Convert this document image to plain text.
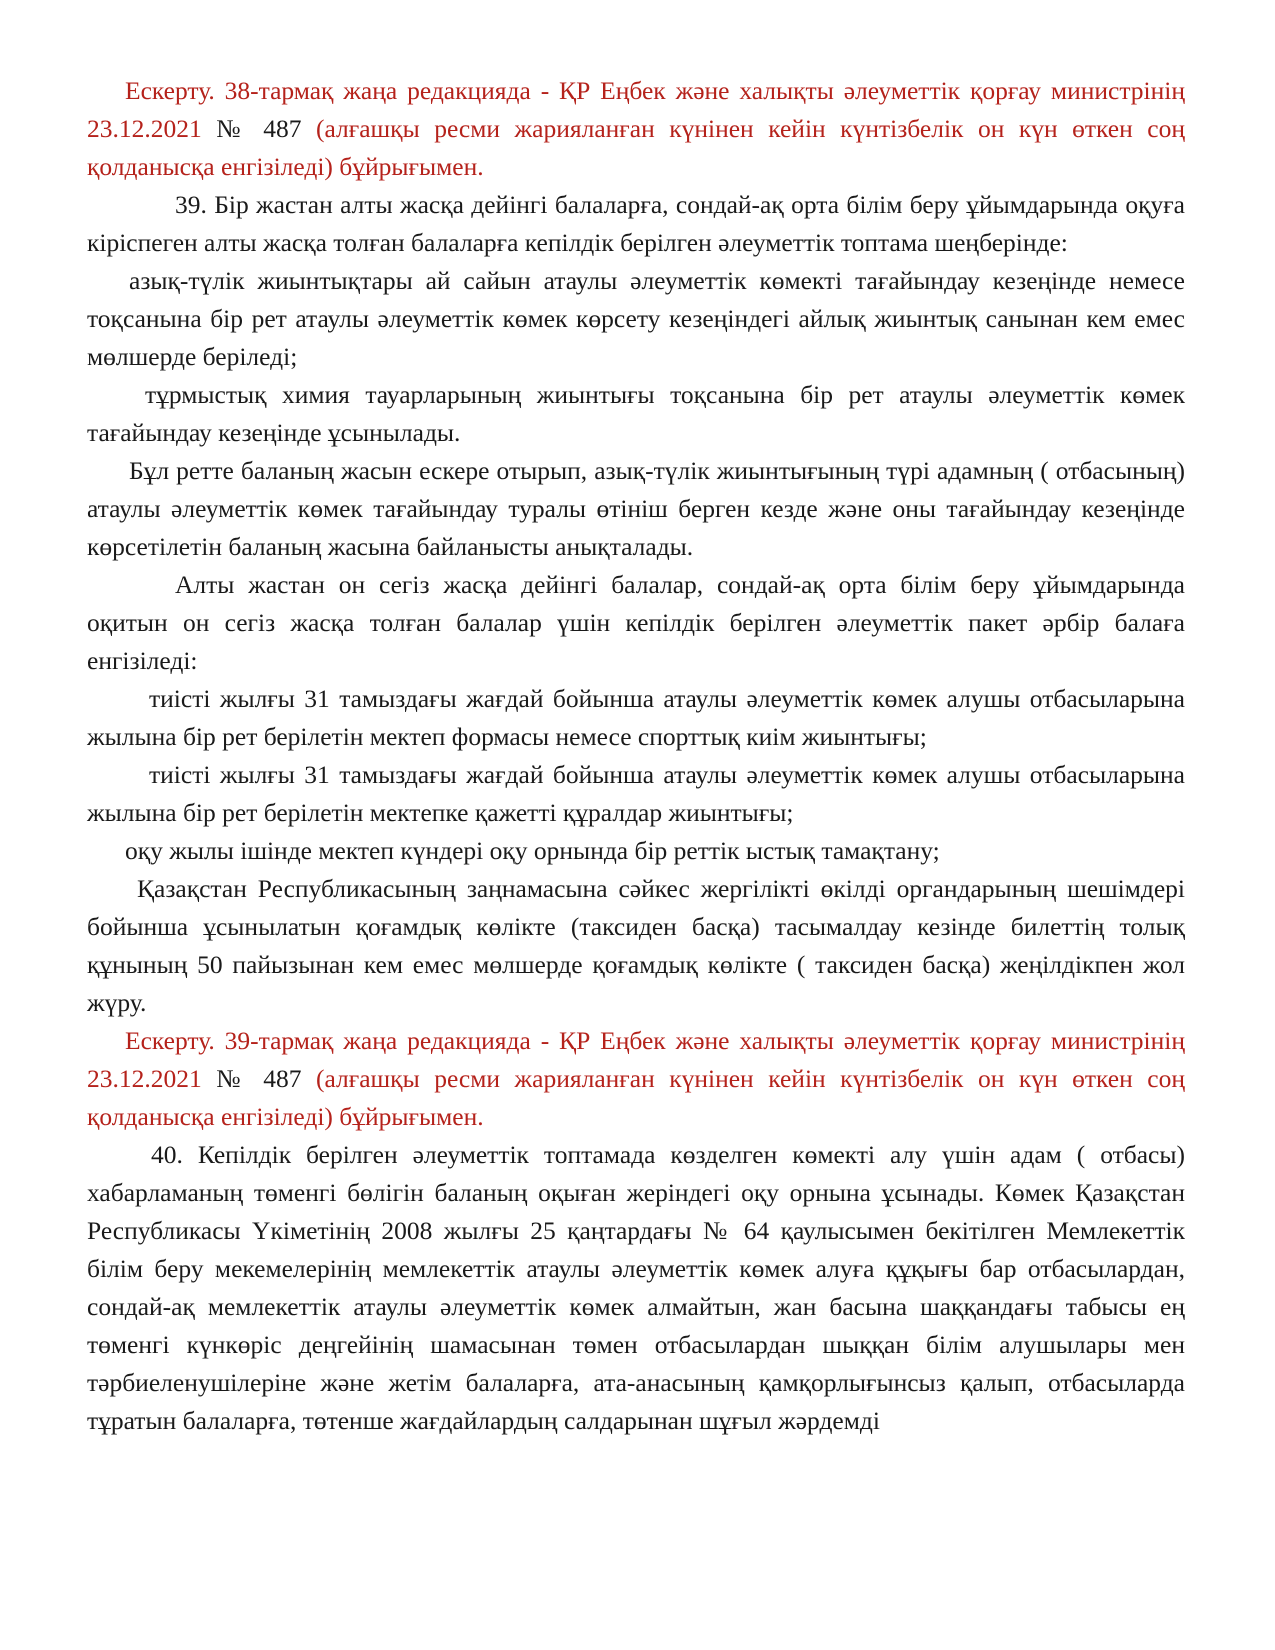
Ескерту. 38-тармақ жаңа редакцияда - ҚР Еңбек және халықты әлеуметтік қорғау министрінің 23.12.2021 № 487 (алғашқы ресми жарияланған күнінен кейін күнтізбелік он күн өткен соң қолданысқа енгізіледі) бұйрығымен.

39. Бір жастан алты жасқа дейінгі балаларға, сондай-ақ орта білім беру ұйымдарында оқуға кіріспеген алты жасқа толған балаларға кепілдік берілген әлеуметтік топтама шеңберінде:

азық-түлік жиынтықтары ай сайын атаулы әлеуметтік көмекті тағайындау кезеңінде немесе тоқсанына бір рет атаулы әлеуметтік көмек көрсету кезеңіндегі айлық жиынтық санынан кем емес мөлшерде беріледі;

тұрмыстық химия тауарларының жиынтығы тоқсанына бір рет атаулы әлеуметтік көмек тағайындау кезеңінде ұсынылады.

Бұл ретте баланың жасын ескере отырып, азық-түлік жиынтығының түрі адамның ( отбасының) атаулы әлеуметтік көмек тағайындау туралы өтініш берген кезде және оны тағайындау кезеңінде көрсетілетін баланың жасына байланысты анықталады.

Алты жастан он сегіз жасқа дейінгі балалар, сондай-ақ орта білім беру ұйымдарында оқитын он сегіз жасқа толған балалар үшін кепілдік берілген әлеуметтік пакет әрбір балаға енгізіледі:

тиісті жылғы 31 тамыздағы жағдай бойынша атаулы әлеуметтік көмек алушы отбасыларына жылына бір рет берілетін мектеп формасы немесе спорттық киім жиынтығы;

тиісті жылғы 31 тамыздағы жағдай бойынша атаулы әлеуметтік көмек алушы отбасыларына жылына бір рет берілетін мектепке қажетті құралдар жиынтығы;

оқу жылы ішінде мектеп күндері оқу орнында бір реттік ыстық тамақтану;

Қазақстан Республикасының заңнамасына сәйкес жергілікті өкілді органдарының шешімдері бойынша ұсынылатын қоғамдық көлікте (таксиден басқа) тасымалдау кезінде билеттің толық құнының 50 пайызынан кем емес мөлшерде қоғамдық көлікте ( таксиден басқа) жеңілдікпен жол жүру.

Ескерту. 39-тармақ жаңа редакцияда - ҚР Еңбек және халықты әлеуметтік қорғау министрінің 23.12.2021 № 487 (алғашқы ресми жарияланған күнінен кейін күнтізбелік он күн өткен соң қолданысқа енгізіледі) бұйрығымен.

40. Кепілдік берілген әлеуметтік топтамада көзделген көмекті алу үшін адам ( отбасы) хабарламаның төменгі бөлігін баланың оқыған жеріндегі оқу орнына ұсынады. Көмек Қазақстан Республикасы Үкіметінің 2008 жылғы 25 қаңтардағы № 64 қаулысымен бекітілген Мемлекеттік білім беру мекемелерінің мемлекеттік атаулы әлеуметтік көмек алуға құқығы бар отбасылардан, сондай-ақ мемлекеттік атаулы әлеуметтік көмек алмайтын, жан басына шаққандағы табысы ең төменгі күнкөріс деңгейінің шамасынан төмен отбасылардан шыққан білім алушылары мен тәрбиеленушілеріне және жетім балаларға, ата-анасының қамқорлығынсыз қалып, отбасыларда тұратын балаларға, төтенше жағдайлардың салдарынан шұғыл жәрдемді
